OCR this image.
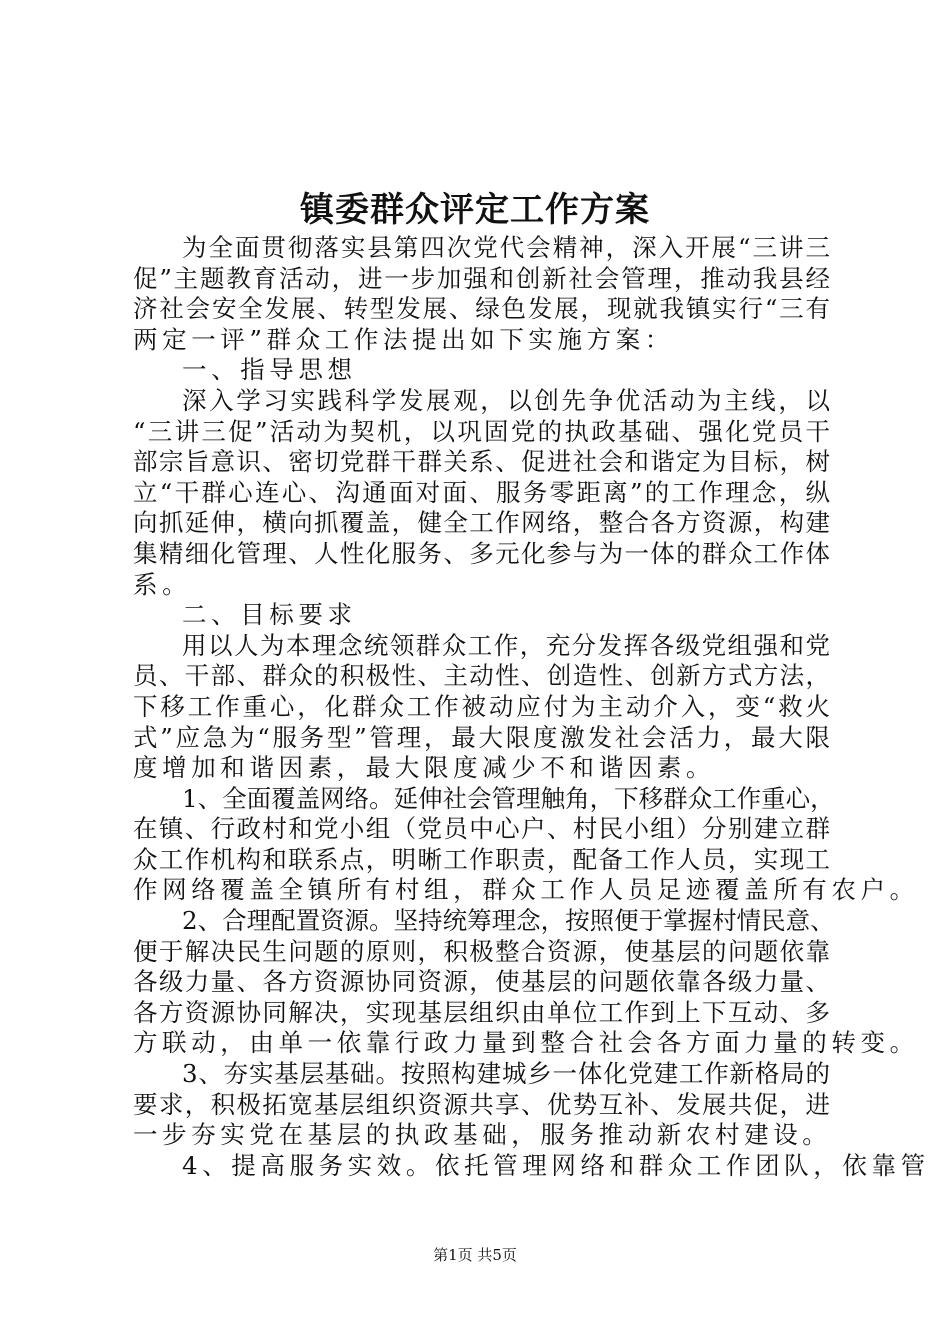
镇委群众评定工作方案
为全面贯彻落实县第四次党代会精神，深入开展“三讲三
促”主题教育活动，进一步加强和创新社会管理，推动我县经
济社会安全发展、转型发展、绿色发展，现就我镇实行“三有
两定一评”群众工作法提出如下实施方案：
一、指导思想
深入学习实践科学发展观，以创先争优活动为主线，以
“三讲三促”活动为契机，以巩固党的执政基础、强化党员干
部宗旨意识、密切党群干群关系、促进社会和谐定为目标，树
立“干群心连心、沟通面对面、服务零距离”的工作理念，纵
向抓延伸，横向抓覆盖，健全工作网络，整合各方资源，构建
集精细化管理、人性化服务、多元化参与为一体的群众工作体
系。
二、目标要求
用以人为本理念统领群众工作，充分发挥各级党组强和党
员、干部、群众的积极性、主动性、创造性、创新方式方法，
下移工作重心，化群众工作被动应付为主动介入，变“救火
式”应急为“服务型”管理，最大限度激发社会活力，最大限
度增加和谐因素，最大限度减少不和谐因素。
1、全面覆盖网络。延伸社会管理触角，下移群众工作重心，
在镇、行政村和党小组（党员中心户、村民小组）分别建立群
众工作机构和联系点，明晰工作职责，配备工作人员，实现工
作网络覆盖全镇所有村组，群众工作人员足迹覆盖所有农户。
2、合理配置资源。坚持统筹理念，按照便于掌握村情民意、
便于解决民生问题的原则，积极整合资源，使基层的问题依靠
各级力量、各方资源协同资源，使基层的问题依靠各级力量、
各方资源协同解决，实现基层组织由单位工作到上下互动、多
方联动，由单一依靠行政力量到整合社会各方面力量的转变。
3、夯实基层基础。按照构建城乡一体化党建工作新格局的
要求，积极拓宽基层组织资源共享、优势互补、发展共促，进
一步夯实党在基层的执政基础，服务推动新农村建设。
4、提高服务实效。依托管理网络和群众工作团队，依靠管
第1页 共5页
